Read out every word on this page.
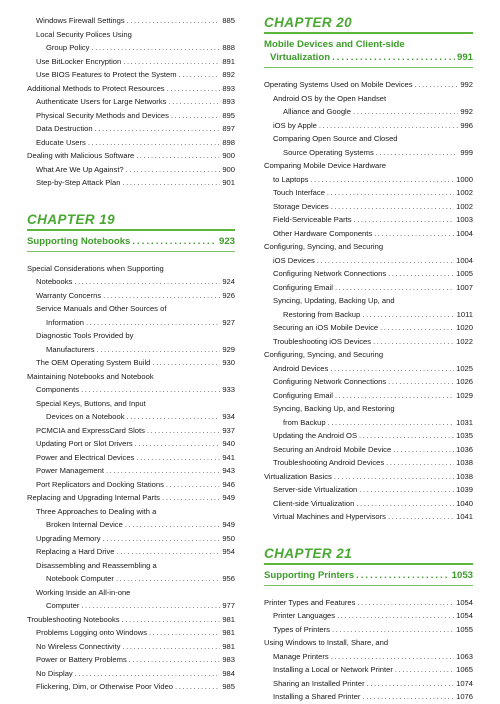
Windows Firewall Settings .....	885
Local Security Polices Using
Group Policy .....	888
Use BitLocker Encryption .....	891
Use BIOS Features to Protect the System .....	892
Additional Methods to Protect Resources .....	893
Authenticate Users for Large Networks .....	893
Physical Security Methods and Devices .....	895
Data Destruction .....	897
Educate Users .....	898
Dealing with Malicious Software .....	900
What Are We Up Against? .....	900
Step-by-Step Attack Plan .....	901
CHAPTER 19
Supporting Notebooks .....	923
Special Considerations when Supporting
Notebooks .....	924
Warranty Concerns .....	926
Service Manuals and Other Sources of
Information .....	927
Diagnostic Tools Provided by
Manufacturers .....	929
The OEM Operating System Build .....	930
Maintaining Notebooks and Notebook
Components .....	933
Special Keys, Buttons, and Input
Devices on a Notebook .....	934
PCMCIA and ExpressCard Slots .....	937
Updating Port or Slot Drivers .....	940
Power and Electrical Devices .....	941
Power Management .....	943
Port Replicators and Docking Stations .....	946
Replacing and Upgrading Internal Parts .....	949
Three Approaches to Dealing with a
Broken Internal Device .....	949
Upgrading Memory .....	950
Replacing a Hard Drive .....	954
Disassembling and Reassembling a
Notebook Computer .....	956
Working Inside an All-in-one
Computer .....	977
Troubleshooting Notebooks .....	981
Problems Logging onto Windows .....	981
No Wireless Connectivity .....	981
Power or Battery Problems .....	983
No Display .....	984
Flickering, Dim, or Otherwise Poor Video .....	985
CHAPTER 20
Mobile Devices and Client-side
Virtualization .....	991
Operating Systems Used on Mobile Devices .....	992
Android OS by the Open Handset
Alliance and Google .....	992
iOS by Apple .....	996
Comparing Open Source and Closed
Source Operating Systems .....	999
Comparing Mobile Device Hardware
to Laptops .....	1000
Touch Interface .....	1002
Storage Devices .....	1002
Field-Serviceable Parts .....	1003
Other Hardware Components .....	1004
Configuring, Syncing, and Securing
iOS Devices .....	1004
Configuring Network Connections .....	1005
Configuring Email .....	1007
Syncing, Updating, Backing Up, and
Restoring from Backup .....	1011
Securing an iOS Mobile Device .....	1020
Troubleshooting iOS Devices .....	1022
Configuring, Syncing, and Securing
Android Devices .....	1025
Configuring Network Connections .....	1026
Configuring Email .....	1029
Syncing, Backing Up, and Restoring
from Backup .....	1031
Updating the Android OS .....	1035
Securing an Android Mobile Device .....	1036
Troubleshooting Android Devices .....	1038
Virtualization Basics .....	1038
Server-side Virtualization .....	1039
Client-side Virtualization .....	1040
Virtual Machines and Hypervisors .....	1041
CHAPTER 21
Supporting Printers .....	1053
Printer Types and Features .....	1054
Printer Languages .....	1054
Types of Printers .....	1055
Using Windows to Install, Share, and
Manage Printers .....	1063
Installing a Local or Network Printer .....	1065
Sharing an Installed Printer .....	1074
Installing a Shared Printer .....	1076
